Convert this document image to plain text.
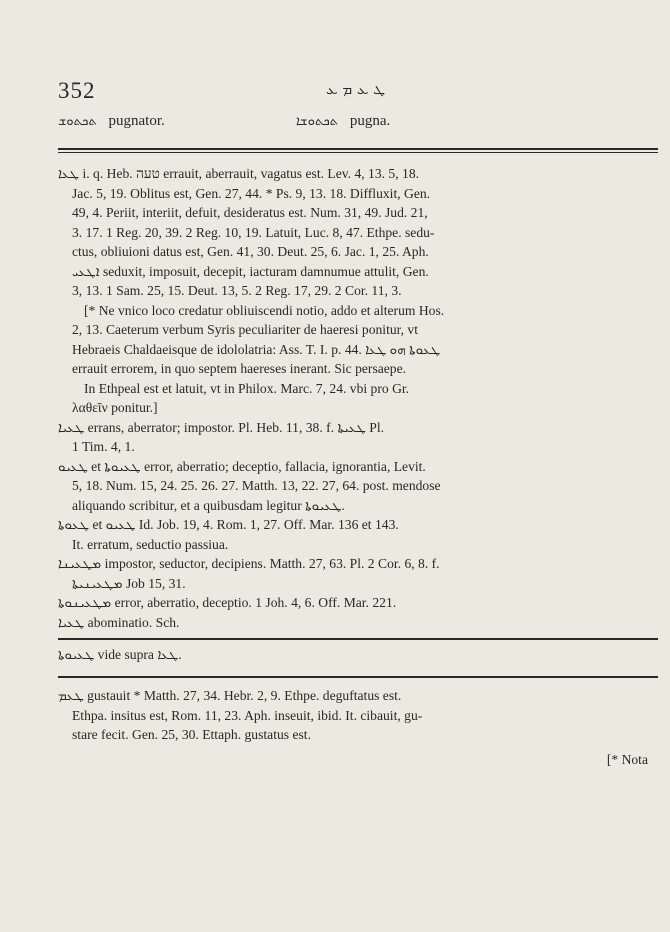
352	ܛ ܥ ܡ ܥ
ܬܟܬܘܫ pugnator.	ܬܟܬܘܫܐ pugna.
ܛܥܐ i. q. Heb. טעה errauit, aberrauit, vagatus est. Lev. 4, 13. 5, 18.
Jac. 5, 19. Oblitus est, Gen. 27, 44. * Ps. 9, 13. 18. Diffluxit, Gen.
49, 4. Periit, interiit, defuit, desideratus est. Num. 31, 49. Jud. 21,
3. 17. 1 Reg. 20, 39. 2 Reg. 10, 19. Latuit, Luc. 8, 47. Ethpe. sedu-
ctus, obliuioni datus est, Gen. 41, 30. Deut. 25, 6. Jac. 1, 25. Aph.
ܐܛܥܝ seduxit, imposuit, decepit, iacturam damnumue attulit, Gen.
3, 13. 1 Sam. 25, 15. Deut. 13, 5. 2 Reg. 17, 29. 2 Cor. 11, 3.
[* Ne vnico loco credatur obliuiscendi notio, addo et alterum Hos.
2, 13. Caeterum verbum Syris peculiariter de haeresi ponitur, vt
Hebraeis Chaldaeisque de idololatria: Ass. T. I. p. 44. ܛܥܘܬܐ ܗܘ ܛܥܐ
errauit errorem, in quo septem haereses inerant. Sic persaepe.
In Ethpeal est et latuit, vt in Philox. Marc. 7, 24. vbi pro Gr.
λαθεῖν ponitur.]
ܛܥܝܐ errans, aberrator; impostor. Pl. Heb. 11, 38. f. ܛܥܝܬܐ Pl.
1 Tim. 4, 1.
ܛܥܝܘ et ܛܥܝܘܬܐ error, aberratio; deceptio, fallacia, ignorantia, Levit.
5, 18. Num. 15, 24. 25. 26. 27. Matth. 13, 22. 27, 64. post. mendose
aliquando scribitur, et a quibusdam legitur ܛܥܝܘܬܐ.
ܛܥܘܬܐ et ܛܥܝܘ Id. Job. 19, 4. Rom. 1, 27. Off. Mar. 136 et 143.
It. erratum, seductio passiua.
ܡܛܥܝܢܐ impostor, seductor, decipiens. Matth. 27, 63. Pl. 2 Cor. 6, 8. f.
ܡܛܥܝܢܝܬܐ Job 15, 31.
ܡܛܥܝܢܘܬܐ error, aberratio, deceptio. 1 Joh. 4, 6. Off. Mar. 221.
ܛܥܝܐ abominatio. Sch.
ܛܥܝܘܬܐ vide supra ܛܥܐ.
ܛܥܡ gustauit * Matth. 27, 34. Hebr. 2, 9. Ethpe. deguftatus est.
Ethpa. insitus est, Rom. 11, 23. Aph. inseuit, ibid. It. cibauit, gu-
stare fecit. Gen. 25, 30. Ettaph. gustatus est.
[* Nota
